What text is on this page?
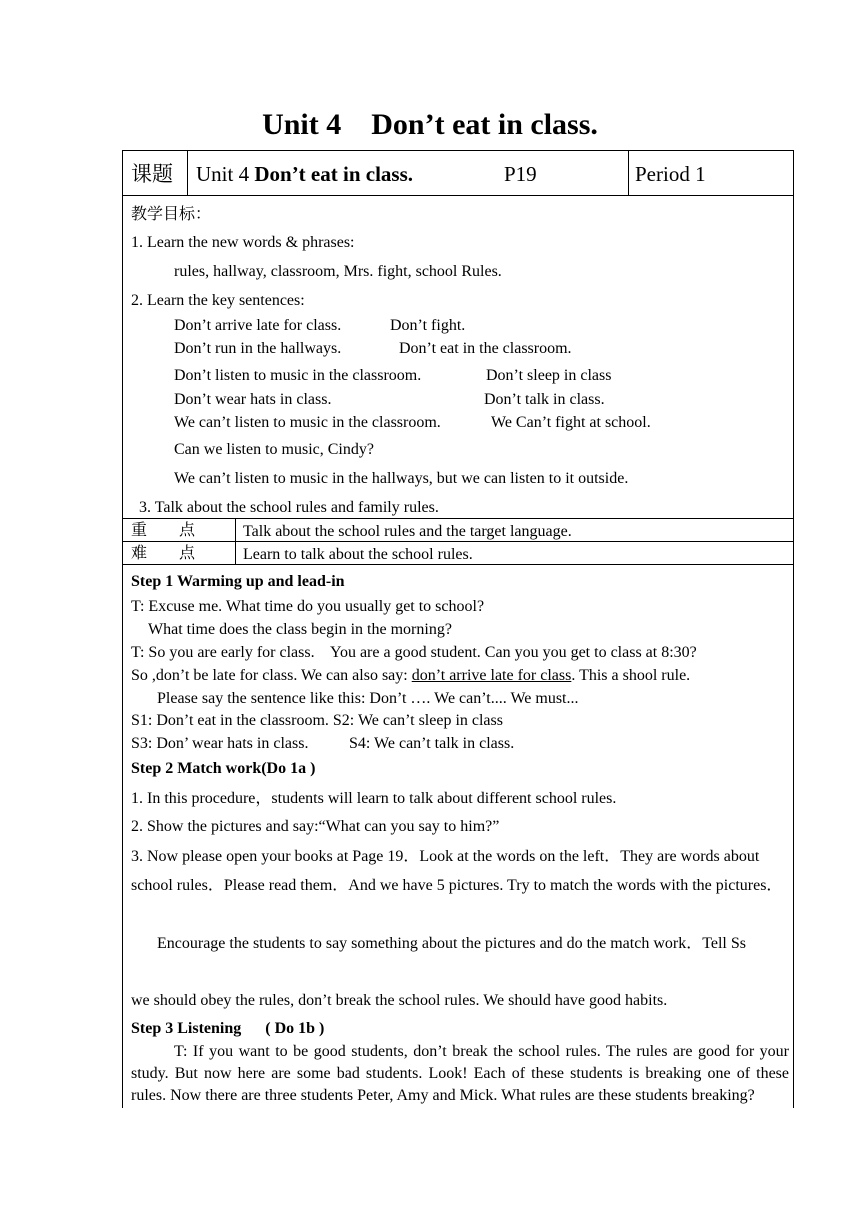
Unit 4    Don’t eat in class.
课题 Unit 4 Don’t eat in class.	P19	Period 1
教学目标：
1. Learn the new words & phrases:
rules, hallway, classroom, Mrs. fight, school Rules.
2. Learn the key sentences:
Don’t arrive late for class.	Don’t fight.
Don’t run in the hallways.	Don’t eat in the classroom.
Don’t listen to music in the classroom.	Don’t sleep in class
Don’t wear hats in class.	Don’t talk in class.
We can’t listen to music in the classroom.	We Can’t fight at school.
Can we listen to music, Cindy?
We can’t listen to music in the hallways, but we can listen to it outside.
3. Talk about the school rules and family rules.
重        点	Talk about the school rules and the target language.
难        点	Learn to talk about the school rules.
Step 1 Warming up and lead-in
T: Excuse me. What time do you usually get to school?
What time does the class begin in the morning?
T: So you are early for class.    You are a good student. Can you you get to class at 8:30?
So ,don’t be late for class. We can also say: don’t arrive late for class. This a shool rule.
Please say the sentence like this: Don’t …. We can’t.... We must...
S1: Don’t eat in the classroom. S2: We can’t sleep in class
S3: Don’ wear hats in class.	S4: We can’t talk in class.
Step 2 Match work(Do 1a )
1. In this procedure，students will learn to talk about different school rules.
2. Show the pictures and say:“What can you say to him?”
3. Now please open your books at Page 19．Look at the words on the left．They are words about school rules．Please read them．And we have 5 pictures. Try to match the words with the pictures．
Encourage the students to say something about the pictures and do the match work．Tell Ss
we should obey the rules, don’t break the school rules. We should have good habits.
Step 3 Listening      ( Do 1b )
T: If you want to be good students, don’t break the school rules. The rules are good for your study. But now here are some bad students. Look! Each of these students is breaking one of these rules. Now there are three students Peter, Amy and Mick. What rules are these students breaking?
